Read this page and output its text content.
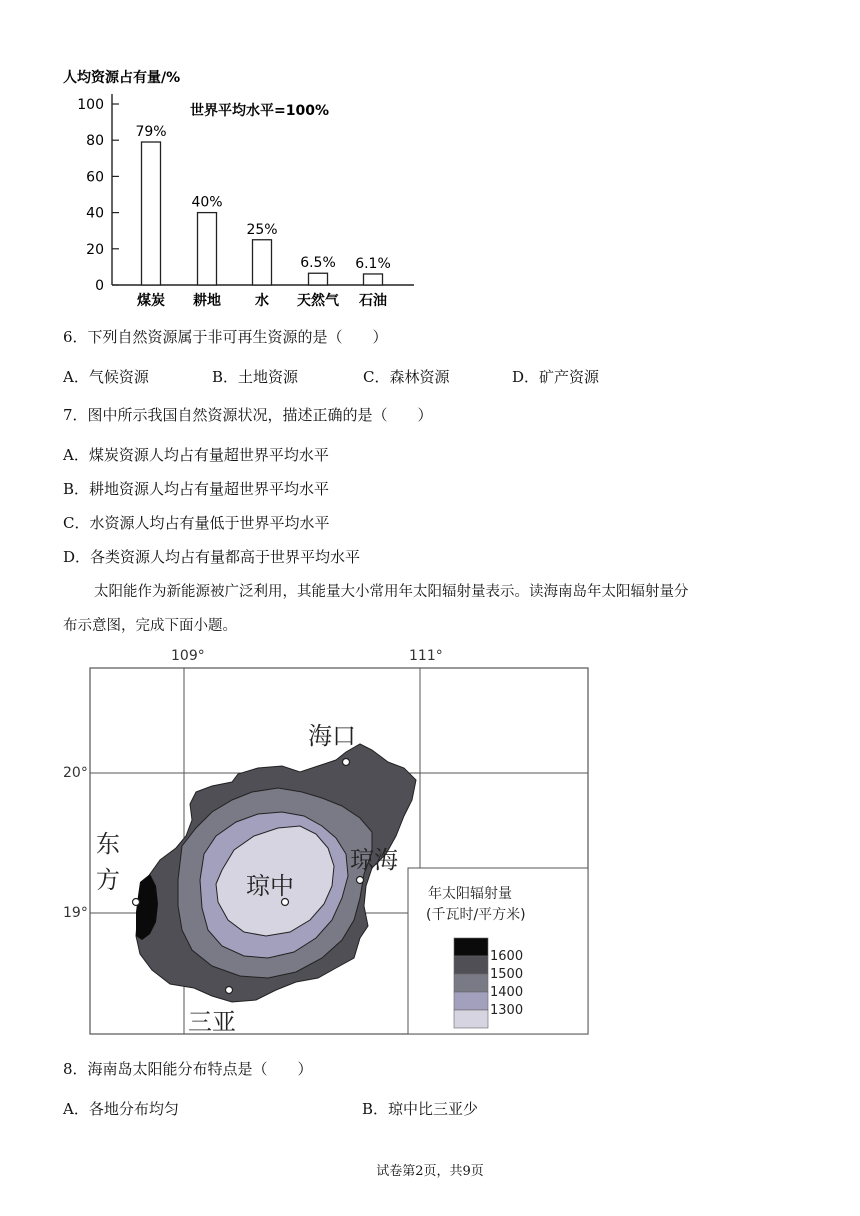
人均资源占有量/%
世界平均水平=100%
100
80
60
40
20
0
79%
煤炭
40%
耕地
25%
水
6.5%
天然气
6.1%
石油
6．下列自然资源属于非可再生资源的是（　　）
A．气候资源	B．土地资源	C．森林资源	D．矿产资源
7．图中所示我国自然资源状况，描述正确的是（　　）
A．煤炭资源人均占有量超世界平均水平
B．耕地资源人均占有量超世界平均水平
C．水资源人均占有量低于世界平均水平
D．各类资源人均占有量都高于世界平均水平
太阳能作为新能源被广泛利用，其能量大小常用年太阳辐射量表示。读海南岛年太阳辐射量分
布示意图，完成下面小题。
109°	111°
20°
19°
海口
琼海
琼中
三亚
东
方	年太阳辐射量
(千瓦时/平方米)
1600
1500
1400
1300
8．海南岛太阳能分布特点是（　　）
A．各地分布均匀	B．琼中比三亚少
试卷第2页，共9页
